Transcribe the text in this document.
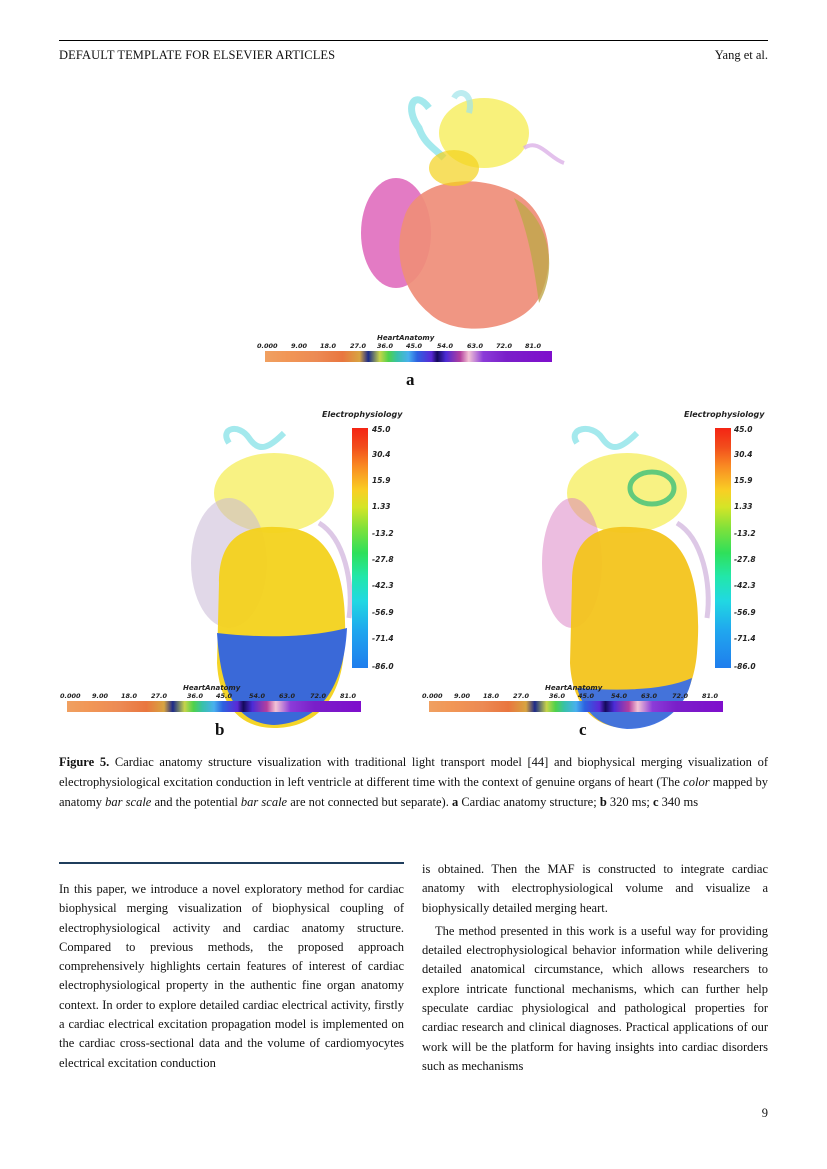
DEFAULT TEMPLATE FOR ELSEVIER ARTICLES	Yang et al.
HeartAnatomy
0.000 9.00 18.0 27.0 36.0 45.0 54.0 63.0 72.0 81.0
a
Electrophysiology
45.0
30.4
15.9
1.33
-13.2
-27.8
-42.3
-56.9
-71.4
-86.0
HeartAnatomy
0.000 9.00 18.0 27.0	36.0 45.0	54.0 63.0 72.0 81.0
b
Electrophysiology
45.0
30.4
15.9
1.33
-13.2
-27.8
-42.3
-56.9
-71.4
-86.0
HeartAnatomy
0.000 9.00 18.0 27.0	36.0 45.0	54.0 63.0 72.0 81.0
c
Figure 5. Cardiac anatomy structure visualization with traditional light transport model [44] and biophysical merging visualization of electrophysiological excitation conduction in left ventricle at different time with the context of genuine organs of heart (The color mapped by anatomy bar scale and the potential bar scale are not connected but separate). a Cardiac anatomy structure; b 320 ms; c 340 ms

In this paper, we introduce a novel exploratory method for cardiac biophysical merging visualization of biophysical coupling of electrophysiological activity and cardiac anatomy structure. Compared to previous methods, the proposed approach comprehensively highlights certain features of interest of cardiac electrophysiological property in the authentic fine organ anatomy context. In order to explore detailed cardiac electrical activity, firstly a cardiac electrical excitation propagation model is implemented on the cardiac cross-sectional data and the volume of cardiomyocytes electrical excitation conduction

is obtained. Then the MAF is constructed to integrate cardiac anatomy with electrophysiological volume and visualize a biophysically detailed merging heart.

The method presented in this work is a useful way for providing detailed electrophysiological behavior information while delivering detailed anatomical circumstance, which allows researchers to explore intricate functional mechanisms, which can further help speculate cardiac physiological and pathological properties for cardiac research and clinical diagnoses. Practical applications of our work will be the platform for having insights into cardiac disorders such as mechanisms

9
